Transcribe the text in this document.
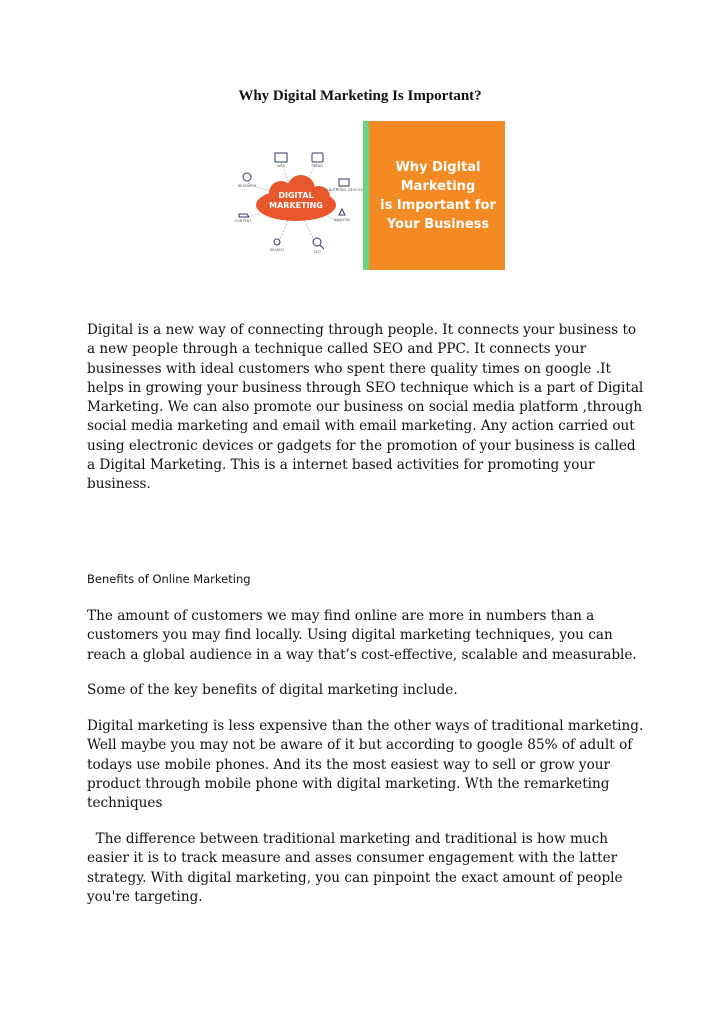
Why Digital Marketing Is Important?
DIGITAL
MARKETING
WEB	TREND
RESEARCH
ELECTRONIC DEVICES
CONTENT	ANALYSIS
SEARCH	SEO
Why Digital
Marketing
is Important for
Your Business

Digital is a new way of connecting through people. It connects your business to a new people through a technique called SEO and PPC. It connects your businesses with ideal customers who spent there quality times on google .It helps in growing your business through SEO technique which is a part of Digital Marketing. We can also promote our business on social media platform ,through social media marketing and email with email marketing. Any action carried out using electronic devices or gadgets for the promotion of your business is called a Digital Marketing. This is a internet based activities for promoting your business.

Benefits of Online Marketing

The amount of customers we may find online are more in numbers than a customers you may find locally. Using digital marketing techniques, you can reach a global audience in a way that’s cost-effective, scalable and measurable.

Some of the key benefits of digital marketing include.

Digital marketing is less expensive than the other ways of traditional marketing. Well maybe you may not be aware of it but according to google 85% of adult of todays use mobile phones. And its the most easiest way to sell or grow your product through mobile phone with digital marketing. Wth the remarketing techniques

The difference between traditional marketing and traditional is how much easier it is to track measure and asses consumer engagement with the latter strategy. With digital marketing, you can pinpoint the exact amount of people you're targeting.
